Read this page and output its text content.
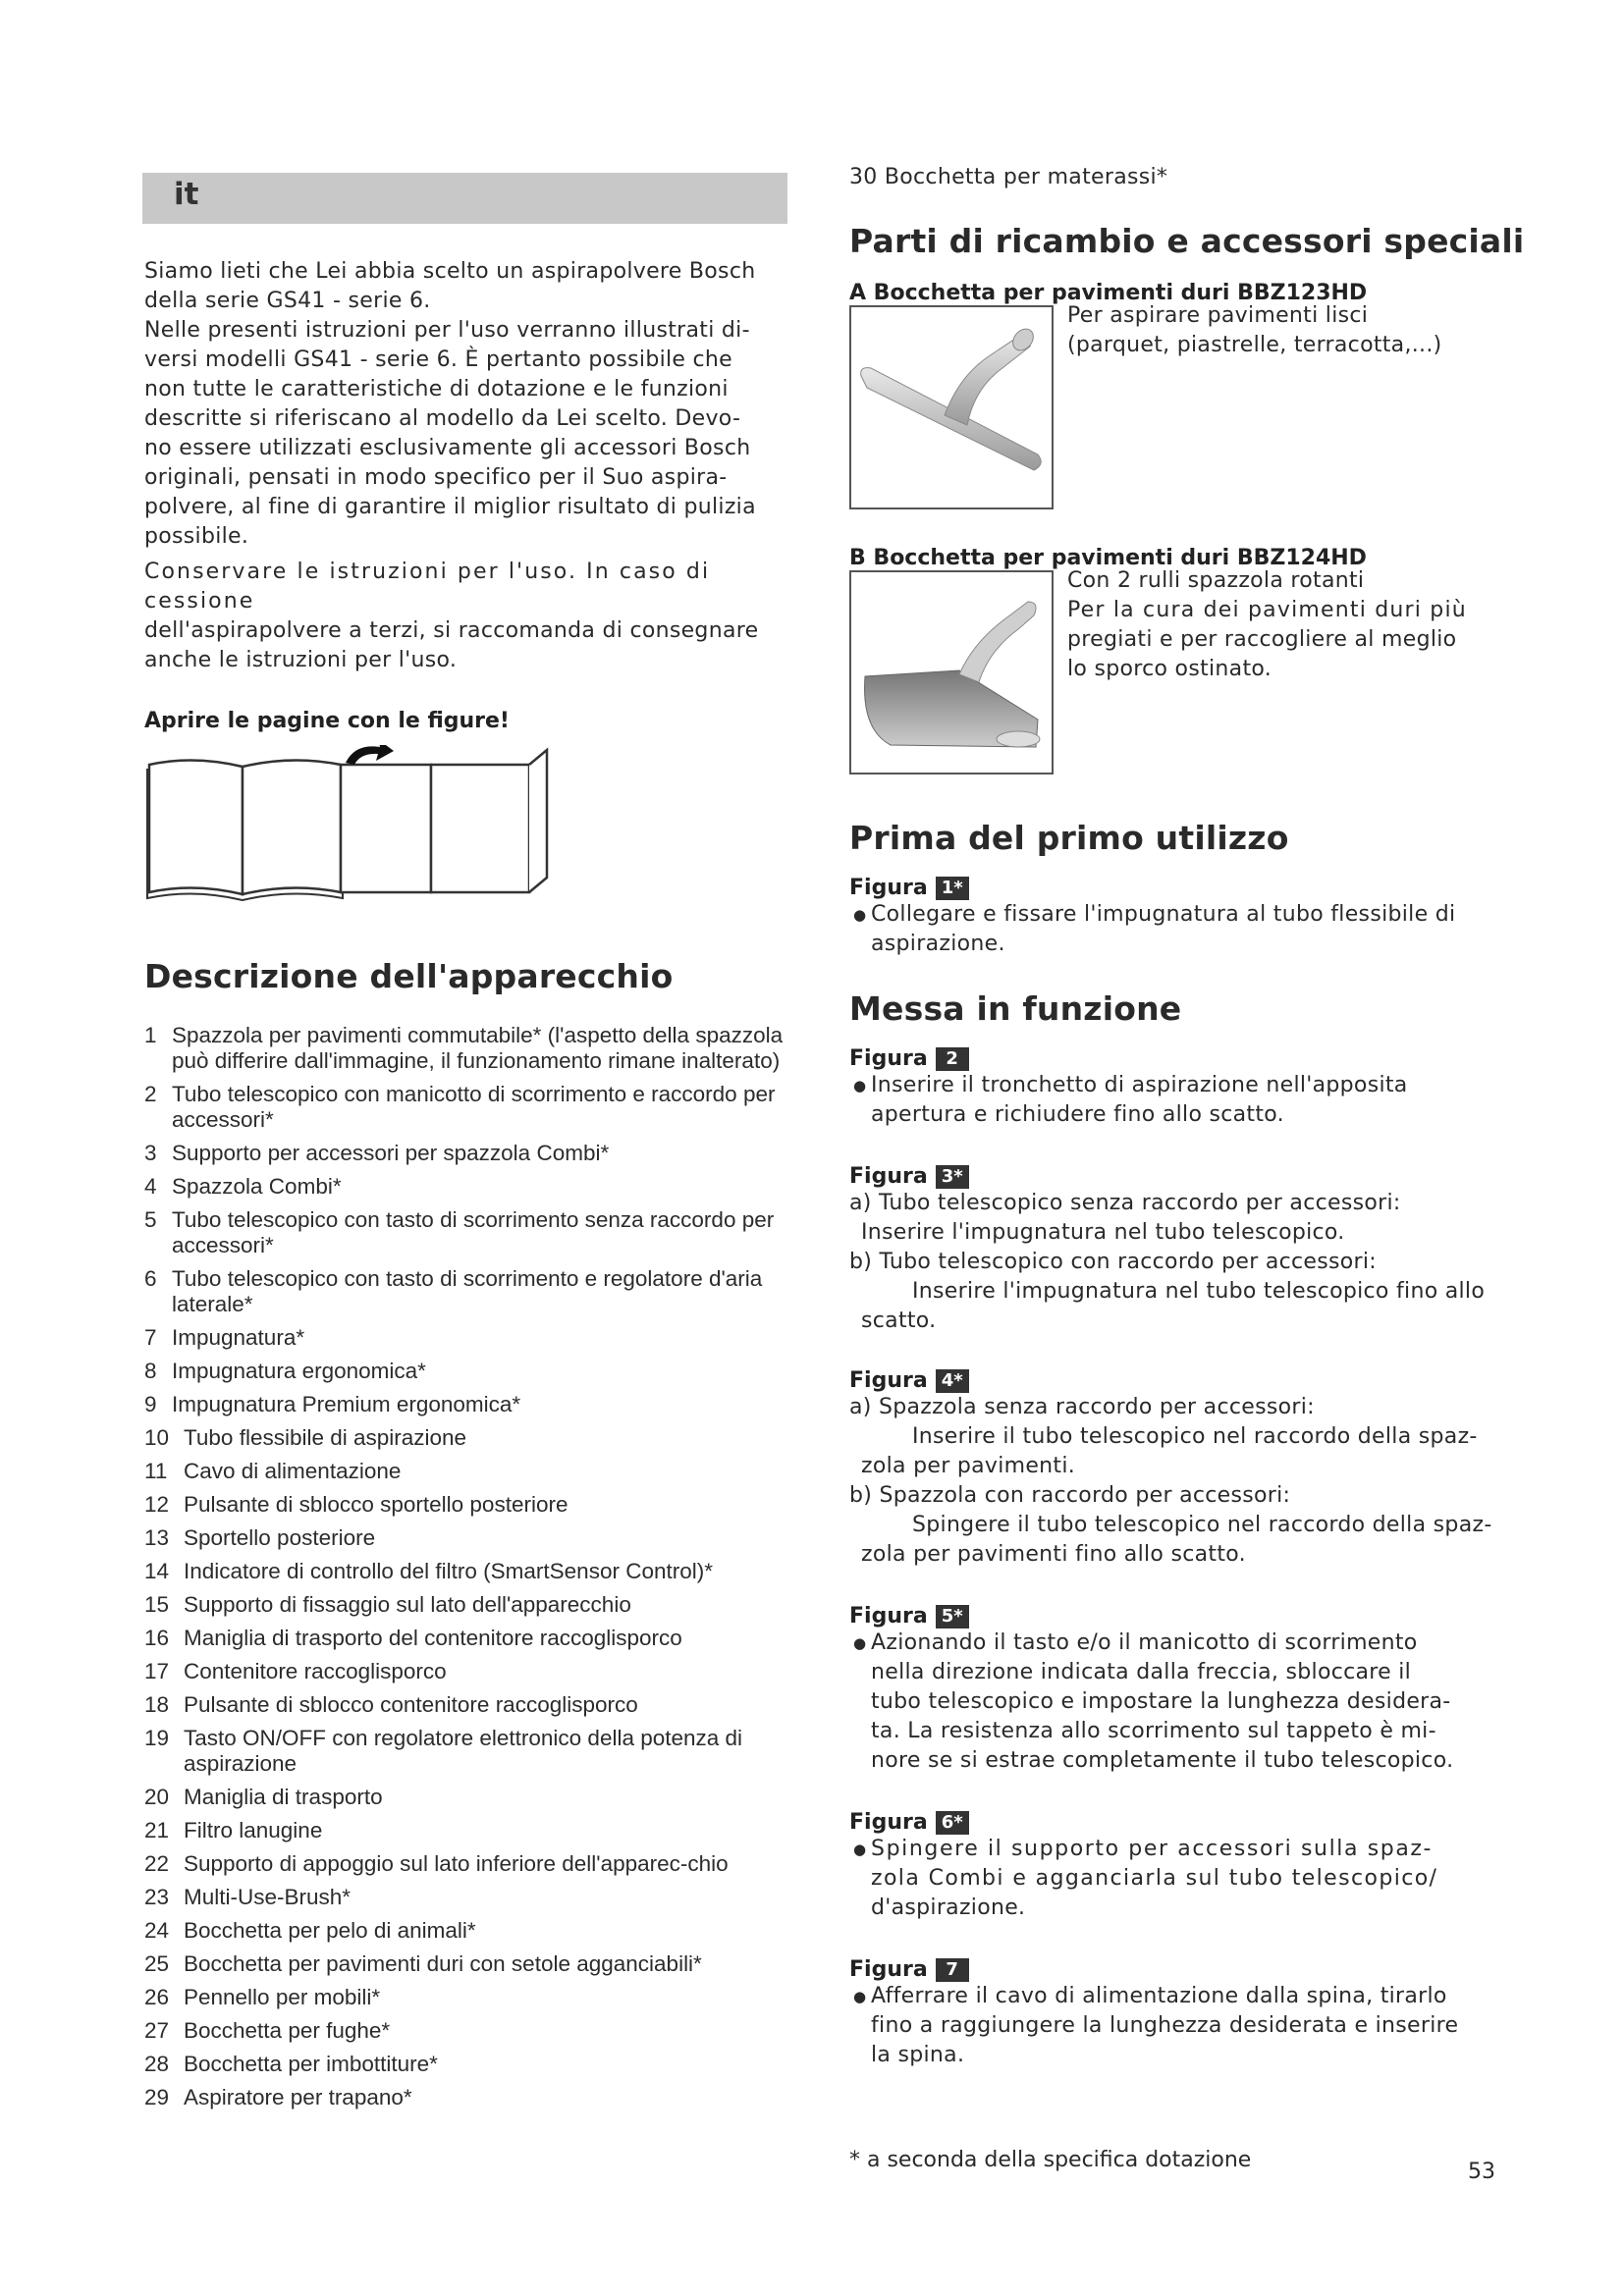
it

Siamo lieti che Lei abbia scelto un aspirapolvere Bosch
della serie GS41 - serie 6.

Nelle presenti istruzioni per l'uso verranno illustrati di-
versi modelli GS41 - serie 6. È pertanto possibile che
non tutte le caratteristiche di dotazione e le funzioni
descritte si riferiscano al modello da Lei scelto. Devo-
no essere utilizzati esclusivamente gli accessori Bosch
originali, pensati in modo specifico per il Suo aspira-
polvere, al fine di garantire il miglior risultato di pulizia
possibile.

Conservare le istruzioni per l'uso. In caso di cessione
dell'aspirapolvere a terzi, si raccomanda di consegnare
anche le istruzioni per l'uso.

Aprire le pagine con le figure!
Descrizione dell'apparecchio
1 Spazzola per pavimenti commutabile* (l'aspetto della spazzola può differire dall'immagine, il funzionamento rimane inalterato)
2 Tubo telescopico con manicotto di scorrimento e raccordo per accessori*
3 Supporto per accessori per spazzola Combi*
4 Spazzola Combi*
5 Tubo telescopico con tasto di scorrimento senza raccordo per accessori*
6 Tubo telescopico con tasto di scorrimento e regolatore d'aria laterale*
7 Impugnatura*
8 Impugnatura ergonomica*
9 Impugnatura Premium ergonomica*
10 Tubo flessibile di aspirazione
11 Cavo di alimentazione
12 Pulsante di sblocco sportello posteriore
13 Sportello posteriore
14 Indicatore di controllo del filtro (SmartSensor Control)*
15 Supporto di fissaggio sul lato dell'apparecchio
16 Maniglia di trasporto del contenitore raccoglisporco
17 Contenitore raccoglisporco
18 Pulsante di sblocco contenitore raccoglisporco
19 Tasto ON/OFF con regolatore elettronico della potenza di aspirazione
20 Maniglia di trasporto
21 Filtro lanugine
22 Supporto di appoggio sul lato inferiore dell'apparec-chio
23 Multi-Use-Brush*
24 Bocchetta per pelo di animali*
25 Bocchetta per pavimenti duri con setole agganciabili*
26 Pennello per mobili*
27 Bocchetta per fughe*
28 Bocchetta per imbottiture*
29 Aspiratore per trapano*

30 Bocchetta per materassi*

Parti di ricambio e accessori speciali

A Bocchetta per pavimenti duri BBZ123HD

Per aspirare pavimenti lisci
(parquet, piastrelle, terracotta,...)

B Bocchetta per pavimenti duri BBZ124HD

Con 2 rulli spazzola rotanti
Per la cura dei pavimenti duri più
pregiati e per raccogliere al meglio
lo sporco ostinato.
Prima del primo utilizzo
Figura 1*
● Collegare e fissare l'impugnatura al tubo flessibile di
aspirazione.
Messa in funzione
Figura	2
● Inserire il tronchetto di aspirazione nell'apposita
apertura e richiudere fino allo scatto.
Figura 3*
a) Tubo telescopico senza raccordo per accessori:
Inserire l'impugnatura nel tubo telescopico.
b) Tubo telescopico con raccordo per accessori:
Inserire l'impugnatura nel tubo telescopico fino allo
scatto.
Figura 4*
a) Spazzola senza raccordo per accessori:
Inserire il tubo telescopico nel raccordo della spaz-
zola per pavimenti.
b) Spazzola con raccordo per accessori:
Spingere il tubo telescopico nel raccordo della spaz-
zola per pavimenti fino allo scatto.
Figura 5*
● Azionando il tasto e/o il manicotto di scorrimento
nella direzione indicata dalla freccia, sbloccare il
tubo telescopico e impostare la lunghezza desidera-
ta. La resistenza allo scorrimento sul tappeto è mi-
nore se si estrae completamente il tubo telescopico.
Figura 6*
● Spingere il supporto per accessori sulla spaz-
zola Combi e agganciarla sul tubo telescopico/
d'aspirazione.
Figura	7
● Afferrare il cavo di alimentazione dalla spina, tirarlo
fino a raggiungere la lunghezza desiderata e inserire
la spina.
* a seconda della specifica dotazione	53
